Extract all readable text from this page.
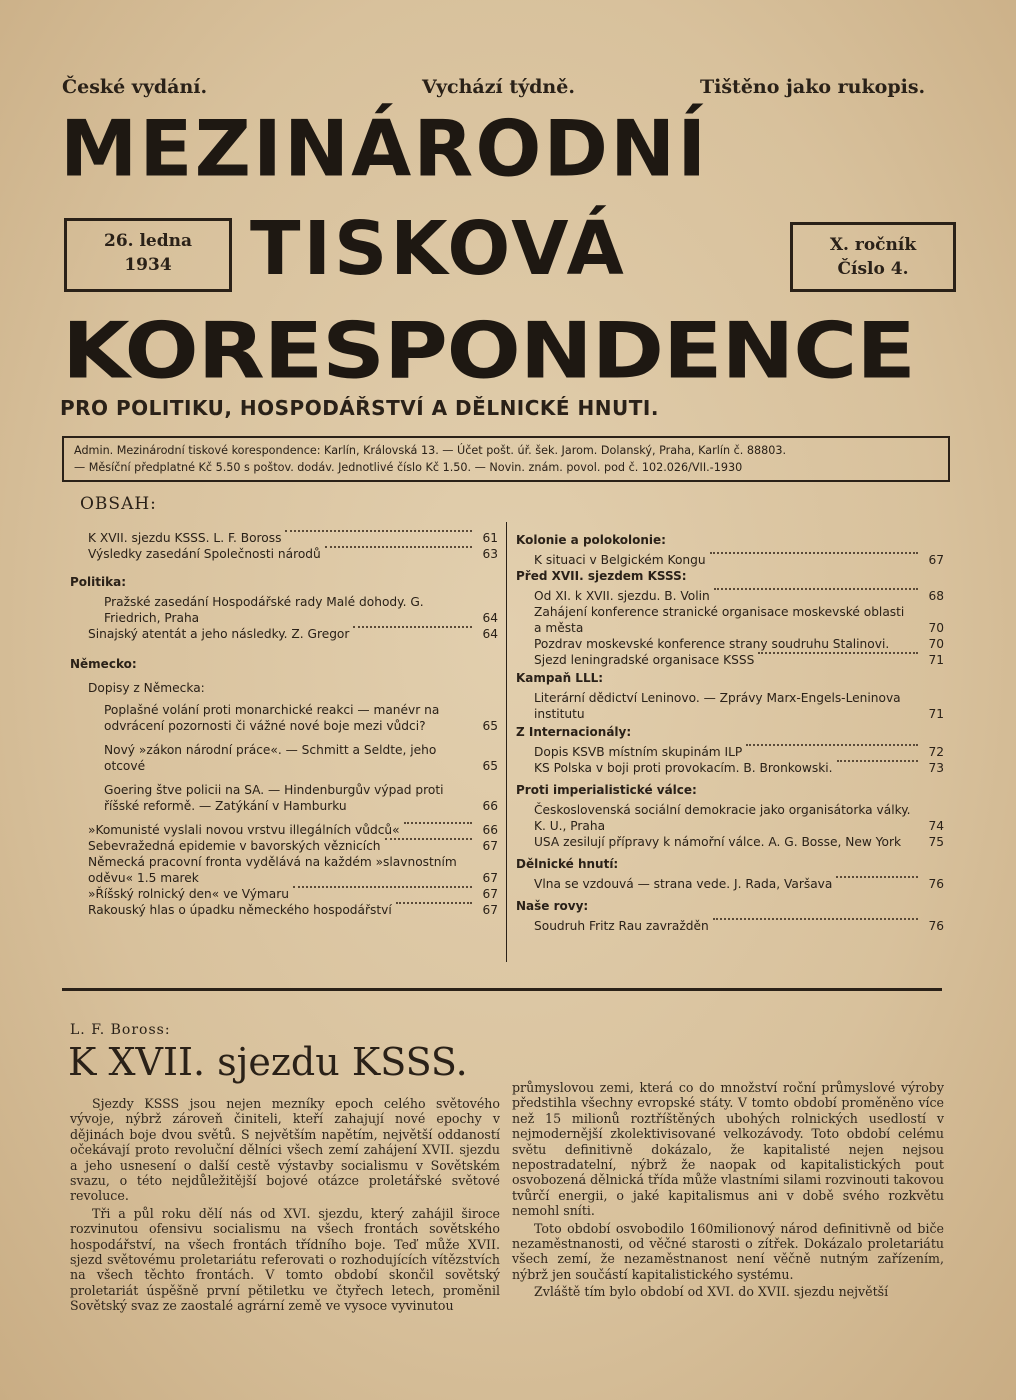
České vydání.	Vychází týdně.	Tištěno jako rukopis.
MEZINÁRODNÍ
TISKOVÁ
KORESPONDENCE
26. ledna
1934
X. ročník
Číslo 4.
PRO POLITIKU, HOSPODÁŘSTVÍ A DĚLNICKÉ HNUTI.
Admin. Mezinárodní tiskové korespondence: Karlín, Královská 13. — Účet pošt. úř. šek. Jarom. Dolanský, Praha, Karlín č. 88803.
— Měsíční předplatné Kč 5.50 s poštov. dodáv. Jednotlivé číslo Kč 1.50. — Novin. znám. povol. pod č. 102.026/VII.-1930
OBSAH:
K XVII. sjezdu KSSS. L. F. Boross	61
Výsledky zasedání Společnosti národů	63
Politika:
Pražské zasedání Hospodářské rady Malé dohody. G. Friedrich, Praha	64
Sinajský atentát a jeho následky. Z. Gregor	64
Německo:
Dopisy z Německa:
Poplašné volání proti monarchické reakci — manévr na odvrácení pozornosti či vážné nové boje mezi vůdci?	65
Nový »zákon národní práce«. — Schmitt a Seldte, jeho otcové	65
Goering štve policii na SA. — Hindenburgův výpad proti říšské reformě. — Zatýkání v Hamburku	66
»Komunisté vyslali novou vrstvu illegálních vůdců«	66
Sebevražedná epidemie v bavorských věznicích	67
Německá pracovní fronta vydělává na každém »slavnostním oděvu« 1.5 marek	67
»Říšský rolnický den« ve Výmaru	67
Rakouský hlas o úpadku německého hospodářství	67
Kolonie a polokolonie:
K situaci v Belgickém Kongu	67
Před XVII. sjezdem KSSS:
Od XI. k XVII. sjezdu. B. Volin	68
Zahájení konference stranické organisace moskevské oblasti a města	70
Pozdrav moskevské konference strany soudruhu Stalinovi.	70
Sjezd leningradské organisace KSSS	71
Kampaň LLL:
Literární dědictví Leninovo. — Zprávy Marx-Engels-Leninova institutu	71
Z Internacionály:
Dopis KSVB místním skupinám ILP	72
KS Polska v boji proti provokacím. B. Bronkowski.	73
Proti imperialistické válce:
Československá sociální demokracie jako organisátorka války. K. U., Praha	74
USA zesilují přípravy k námořní válce. A. G. Bosse, New York	75
Dělnické hnutí:
Vlna se vzdouvá — strana vede. J. Rada, Varšava	76
Naše rovy:
Soudruh Fritz Rau zavražděn	76
L. F. Boross:
K XVII. sjezdu KSSS.

Sjezdy KSSS jsou nejen mezníky epoch celého světového vývoje, nýbrž zároveň činiteli, kteří zahajují nové epochy v dějinách boje dvou světů. S největším napětím, největší oddaností očekávají proto revoluční dělníci všech zemí zahájení XVII. sjezdu a jeho usnesení o další cestě výstavby socialismu v Sovětském svazu, o této nejdůležitější bojové otázce proletářské světové revoluce.

Tři a půl roku dělí nás od XVI. sjezdu, který zahájil široce rozvinutou ofensivu socialismu na všech frontách sovětského hospodářství, na všech frontách třídního boje. Teď může XVII. sjezd světovému proletariátu referovati o rozhodujících vítězstvích na všech těchto frontách. V tomto období skončil sovětský proletariát úspěšně první pětiletku ve čtyřech letech, proměnil Sovětský svaz ze zaostalé agrární země ve vysoce vyvinutou

průmyslovou zemi, která co do množství roční průmyslové výroby předstihla všechny evropské státy. V tomto období proměněno více než 15 milionů roztříštěných ubohých rolnických usedlostí v nejmodernější zkolektivisované velkozávody. Toto období celému světu definitivně dokázalo, že kapitalisté nejen nejsou nepostradatelní, nýbrž že naopak od kapitalistických pout osvobozená dělnická třída může vlastními silami rozvinouti takovou tvůrčí energii, o jaké kapitalismus ani v době svého rozkvětu nemohl sníti.

Toto období osvobodilo 160milionový národ definitivně od biče nezaměstnanosti, od věčné starosti o zítřek. Dokázalo proletariátu všech zemí, že nezaměstnanost není věčně nutným zařízením, nýbrž jen součástí kapitalistického systému.

Zvláště tím bylo období od XVI. do XVII. sjezdu největší
